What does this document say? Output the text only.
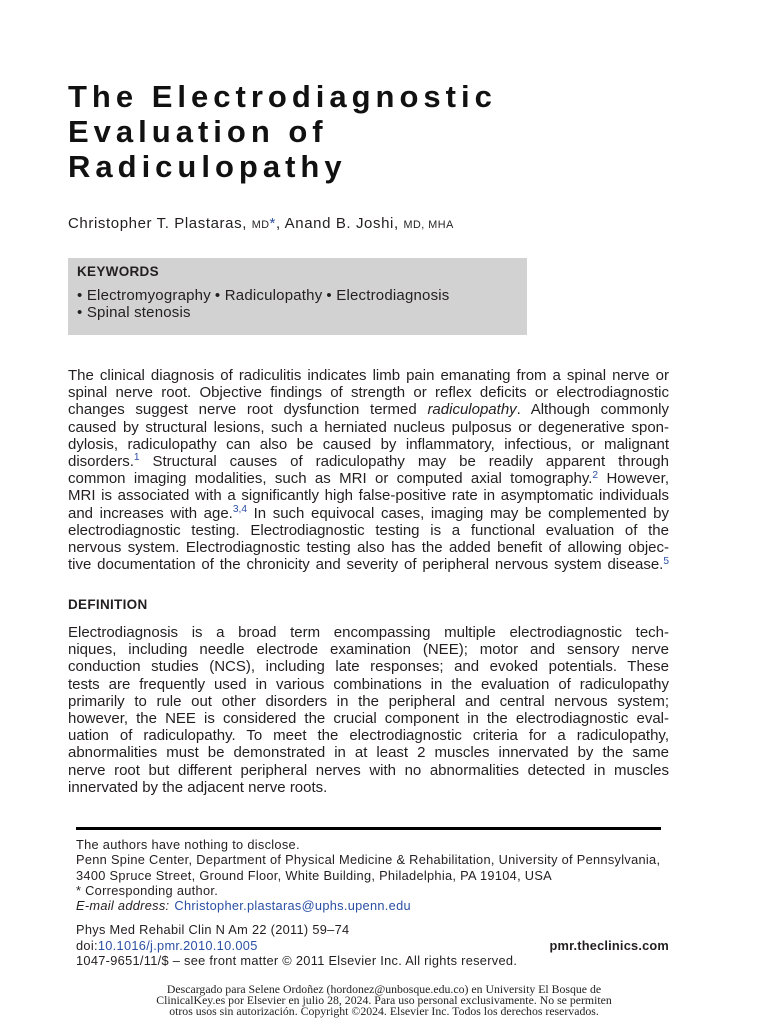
The Electrodiagnostic
Evaluation of
Radiculopathy
Christopher T. Plastaras, MD*, Anand B. Joshi, MD, MHA
KEYWORDS
• Electromyography • Radiculopathy • Electrodiagnosis
• Spinal stenosis
The clinical diagnosis of radiculitis indicates limb pain emanating from a spinal nerve or
spinal nerve root. Objective findings of strength or reflex deficits or electrodiagnostic
changes suggest nerve root dysfunction termed radiculopathy. Although commonly
caused by structural lesions, such a herniated nucleus pulposus or degenerative spon-
dylosis, radiculopathy can also be caused by inflammatory, infectious, or malignant
disorders.$^1$ Structural causes of radiculopathy may be readily apparent through
common imaging modalities, such as MRI or computed axial tomography.$^2$ However,
MRI is associated with a significantly high false-positive rate in asymptomatic individuals
and increases with age.$^{3,4}$ In such equivocal cases, imaging may be complemented by
electrodiagnostic testing. Electrodiagnostic testing is a functional evaluation of the
nervous system. Electrodiagnostic testing also has the added benefit of allowing objec-
tive documentation of the chronicity and severity of peripheral nervous system disease.$^5$
DEFINITION
Electrodiagnosis is a broad term encompassing multiple electrodiagnostic tech-
niques, including needle electrode examination (NEE); motor and sensory nerve
conduction studies (NCS), including late responses; and evoked potentials. These
tests are frequently used in various combinations in the evaluation of radiculopathy
primarily to rule out other disorders in the peripheral and central nervous system;
however, the NEE is considered the crucial component in the electrodiagnostic eval-
uation of radiculopathy. To meet the electrodiagnostic criteria for a radiculopathy,
abnormalities must be demonstrated in at least 2 muscles innervated by the same
nerve root but different peripheral nerves with no abnormalities detected in muscles
innervated by the adjacent nerve roots.
The authors have nothing to disclose.
Penn Spine Center, Department of Physical Medicine & Rehabilitation, University of Pennsylvania,
3400 Spruce Street, Ground Floor, White Building, Philadelphia, PA 19104, USA
* Corresponding author.
E-mail address: Christopher.plastaras@uphs.upenn.edu
Phys Med Rehabil Clin N Am 22 (2011) 59–74
doi:10.1016/j.pmr.2010.10.005	pmr.theclinics.com
1047-9651/11/$ – see front matter © 2011 Elsevier Inc. All rights reserved.
Descargado para Selene Ordoñez (hordonez@unbosque.edu.co) en University El Bosque de
ClinicalKey.es por Elsevier en julio 28, 2024. Para uso personal exclusivamente. No se permiten
otros usos sin autorización. Copyright ©2024. Elsevier Inc. Todos los derechos reservados.
